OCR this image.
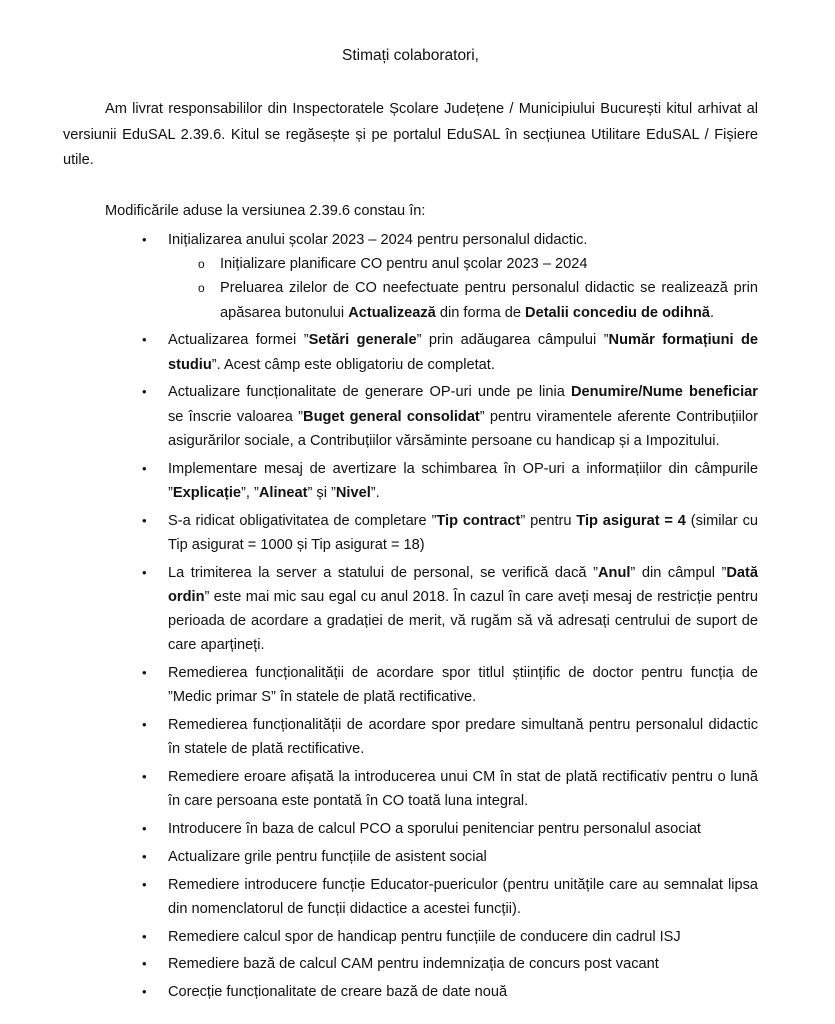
Stimați colaboratori,

Am livrat responsabililor din Inspectoratele Școlare Județene / Municipiului București kitul arhivat al versiunii EduSAL 2.39.6. Kitul se regăsește și pe portalul EduSAL în secțiunea Utilitare EduSAL / Fișiere utile.

Modificările aduse la versiunea 2.39.6 constau în:

• Inițializarea anului școlar 2023 – 2024 pentru personalul didactic.
o Inițializare planificare CO pentru anul școlar 2023 – 2024
o Preluarea zilelor de CO neefectuate pentru personalul didactic se realizează prin apăsarea butonului Actualizează din forma de Detalii concediu de odihnă.
• Actualizarea formei ”Setări generale” prin adăugarea câmpului ”Număr formațiuni de studiu”. Acest câmp este obligatoriu de completat.
• Actualizare funcționalitate de generare OP-uri unde pe linia Denumire/Nume beneficiar se înscrie valoarea ”Buget general consolidat” pentru viramentele aferente Contribuțiilor asigurărilor sociale, a Contribuțiilor vărsăminte persoane cu handicap și a Impozitului.
• Implementare mesaj de avertizare la schimbarea în OP-uri a informațiilor din câmpurile ”Explicație”, ”Alineat” și ”Nivel”.
• S-a ridicat obligativitatea de completare ”Tip contract” pentru Tip asigurat = 4 (similar cu Tip asigurat = 1000 și Tip asigurat = 18)
• La trimiterea la server a statului de personal, se verifică dacă ”Anul” din câmpul ”Dată ordin” este mai mic sau egal cu anul 2018. În cazul în care aveți mesaj de restricție pentru perioada de acordare a gradației de merit, vă rugăm să vă adresați centrului de suport de care aparțineți.
• Remedierea funcționalității de acordare spor titlul științific de doctor pentru funcția de ”Medic primar S” în statele de plată rectificative.
• Remedierea funcționalității de acordare spor predare simultană pentru personalul didactic în statele de plată rectificative.
• Remediere eroare afișată la introducerea unui CM în stat de plată rectificativ pentru o lună în care persoana este pontată în CO toată luna integral.
• Introducere în baza de calcul PCO a sporului penitenciar pentru personalul asociat
• Actualizare grile pentru funcțiile de asistent social
• Remediere introducere funcție Educator-puericulor (pentru unitățile care au semnalat lipsa din nomenclatorul de funcții didactice a acestei funcții).
• Remediere calcul spor de handicap pentru funcțiile de conducere din cadrul ISJ
• Remediere bază de calcul CAM pentru indemnizația de concurs post vacant
• Corecție funcționalitate de creare bază de date nouă
